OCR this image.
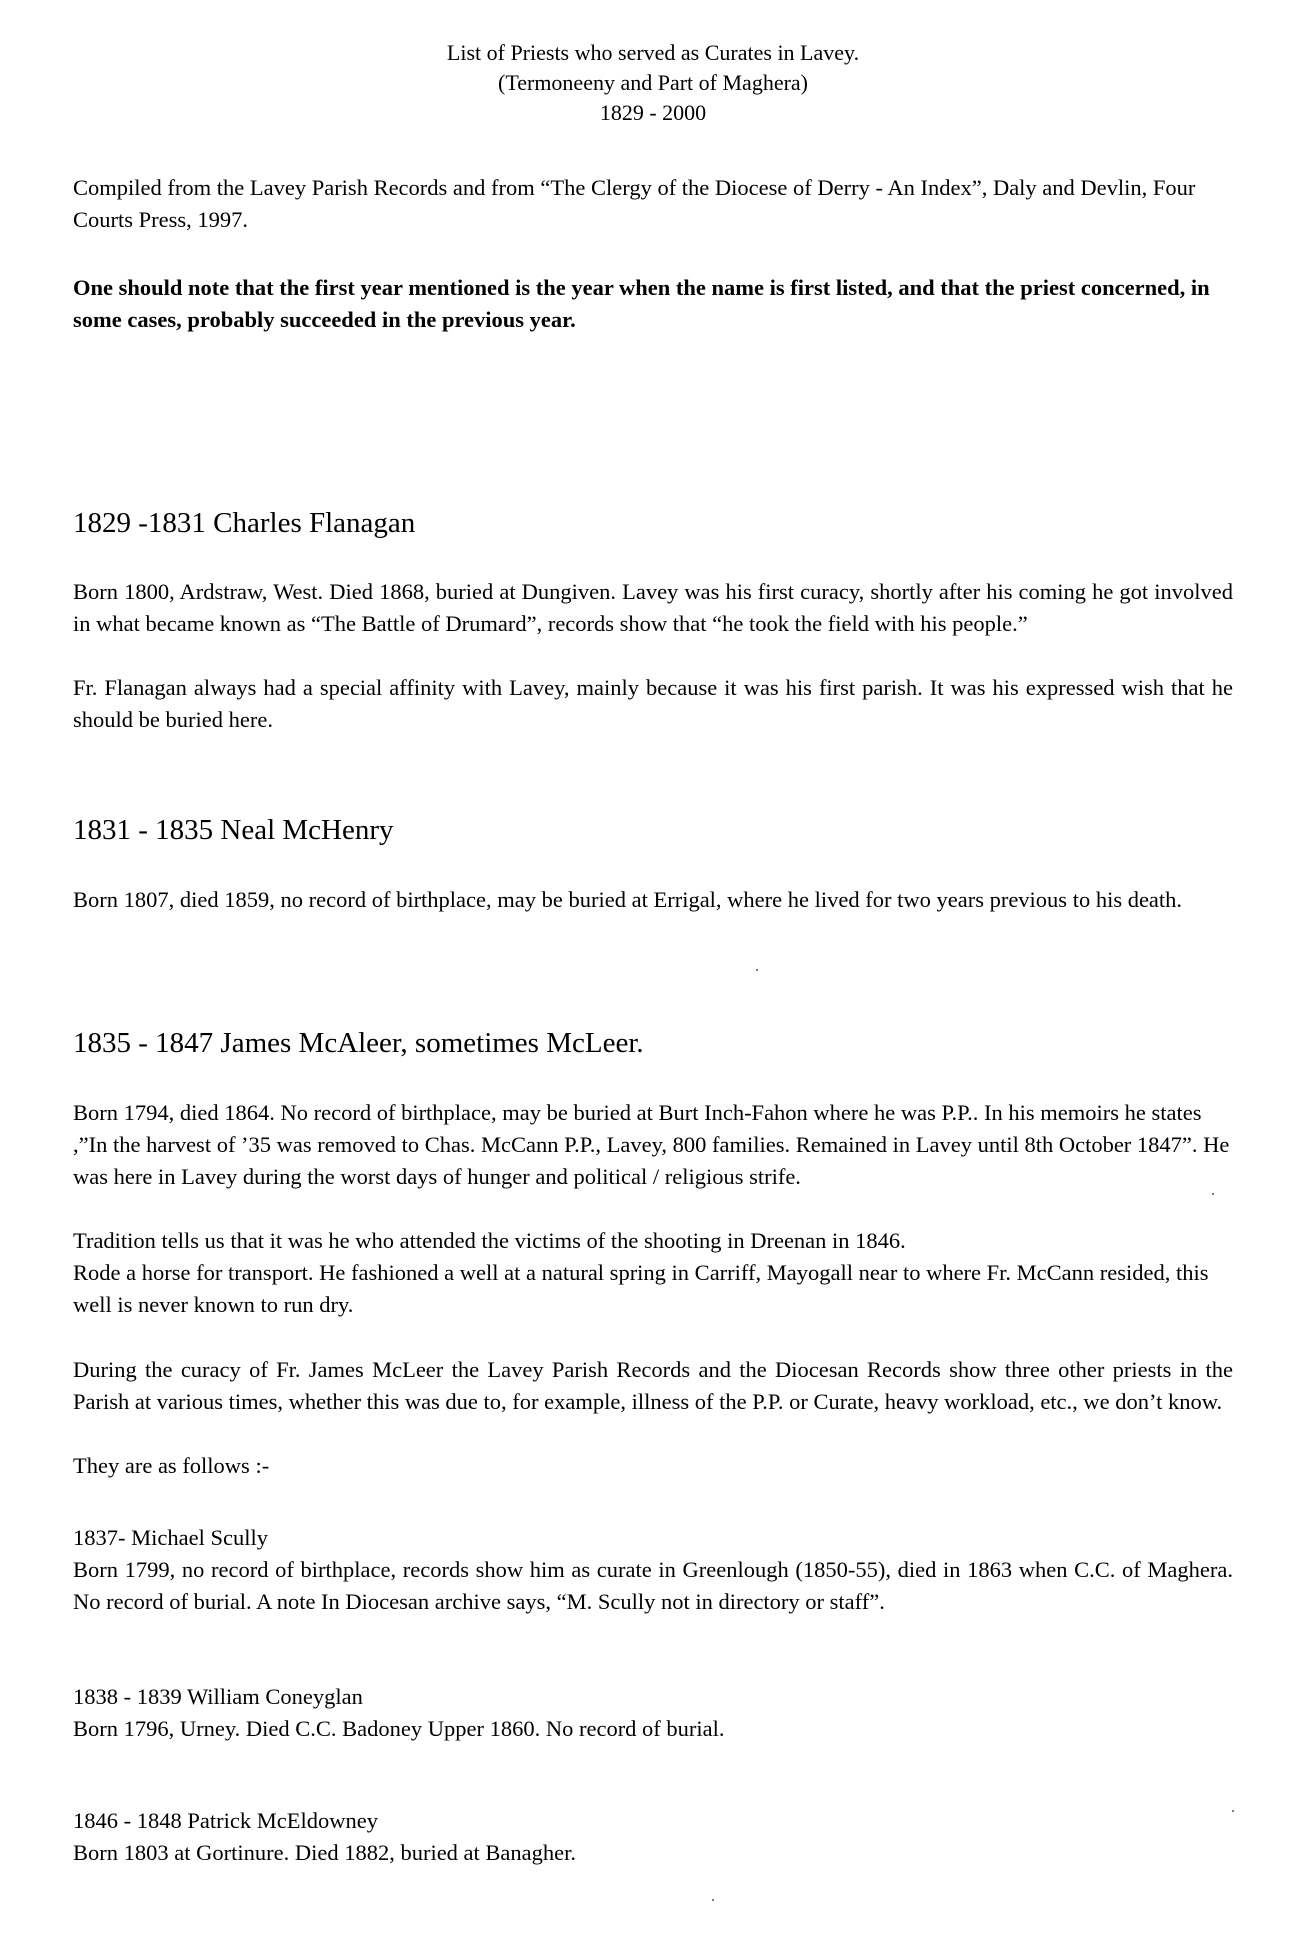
List of Priests who served as Curates in Lavey.
(Termoneeny and Part of Maghera)
1829 - 2000

Compiled from the Lavey Parish Records and from “The Clergy of the Diocese of Derry - An Index”, Daly and Devlin, Four Courts Press, 1997.

One should note that the first year mentioned is the year when the name is first listed, and that the priest concerned, in some cases, probably succeeded in the previous year.

1829 -1831 Charles Flanagan

Born 1800, Ardstraw, West. Died 1868, buried at Dungiven. Lavey was his first curacy, shortly after his coming he got involved in what became known as “The Battle of Drumard”, records show that “he took the field with his people.”

Fr. Flanagan always had a special affinity with Lavey, mainly because it was his first parish. It was his expressed wish that he should be buried here.

1831 - 1835 Neal McHenry

Born 1807, died 1859, no record of birthplace, may be buried at Errigal, where he lived for two years previous to his death.

1835 - 1847 James McAleer, sometimes McLeer.

Born 1794, died 1864. No record of birthplace, may be buried at Burt Inch-Fahon where he was P.P.. In his memoirs he states ,”In the harvest of ’35 was removed to Chas. McCann P.P., Lavey, 800 families. Remained in Lavey until 8th October 1847”. He was here in Lavey during the worst days of hunger and political / religious strife.

Tradition tells us that it was he who attended the victims of the shooting in Dreenan in 1846.

Rode a horse for transport. He fashioned a well at a natural spring in Carriff, Mayogall near to where Fr. McCann resided, this well is never known to run dry.

During the curacy of Fr. James McLeer the Lavey Parish Records and the Diocesan Records show three other priests in the Parish at various times, whether this was due to, for example, illness of the P.P. or Curate, heavy workload, etc., we don’t know.

They are as follows :-

1837- Michael Scully

Born 1799, no record of birthplace, records show him as curate in Greenlough (1850-55), died in 1863 when C.C. of Maghera. No record of burial. A note In Diocesan archive says, “M. Scully not in directory or staff”.

1838 - 1839 William Coneyglan

Born 1796, Urney. Died C.C. Badoney Upper 1860. No record of burial.

1846 - 1848 Patrick McEldowney

Born 1803 at Gortinure. Died 1882, buried at Banagher.
